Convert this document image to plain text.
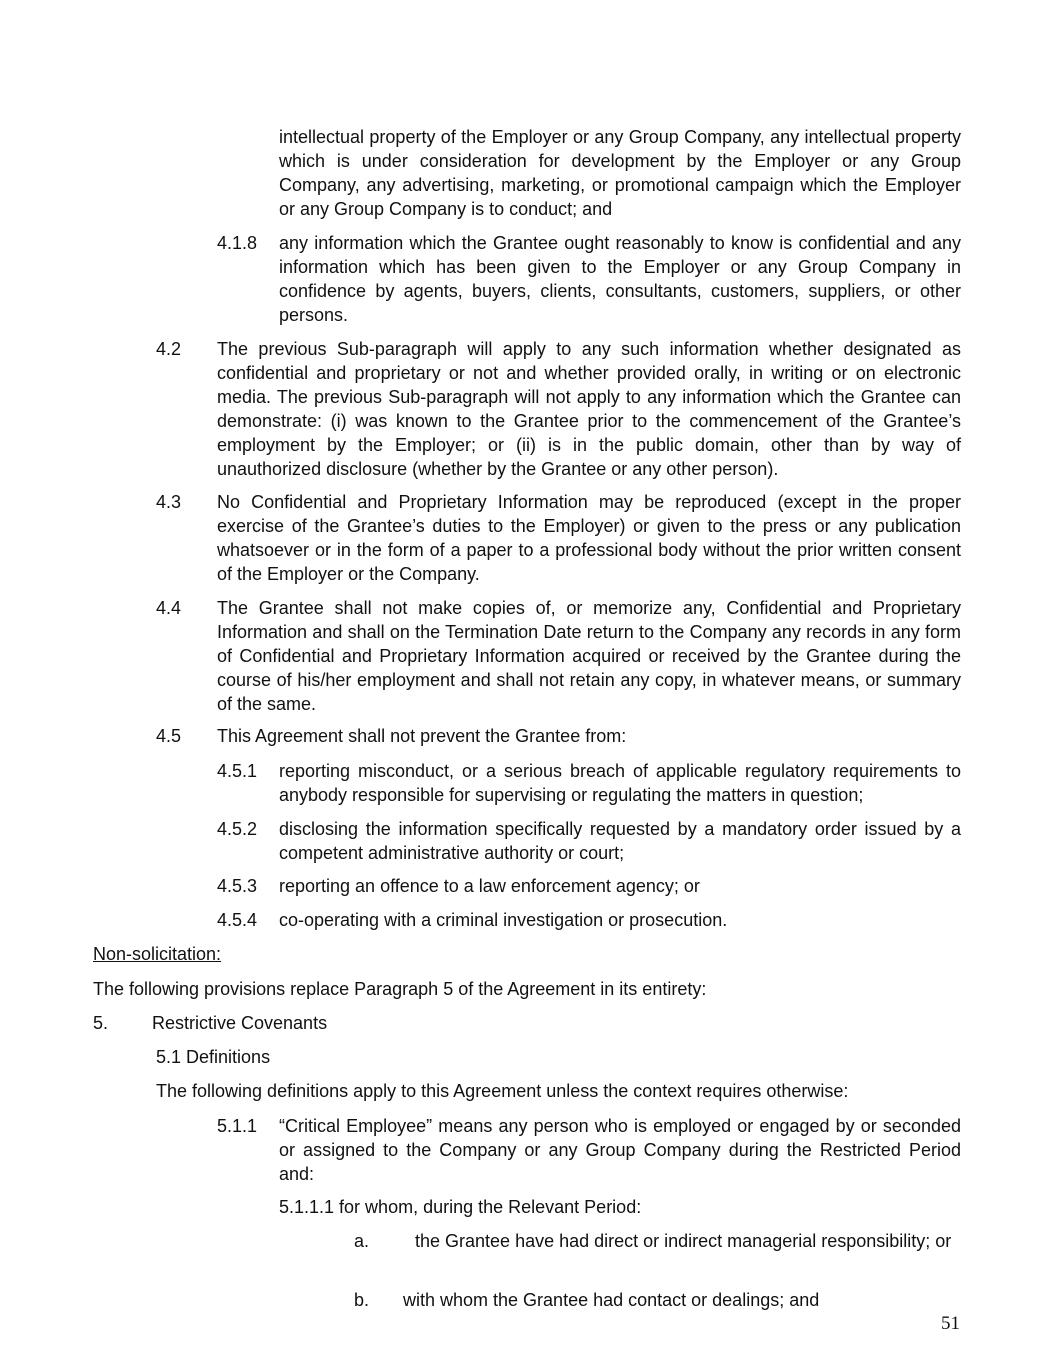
intellectual property of the Employer or any Group Company, any intellectual property which is under consideration for development by the Employer or any Group Company, any advertising, marketing, or promotional campaign which the Employer or any Group Company is to conduct; and
4.1.8 any information which the Grantee ought reasonably to know is confidential and any information which has been given to the Employer or any Group Company in confidence by agents, buyers, clients, consultants, customers, suppliers, or other persons.
4.2 The previous Sub-paragraph will apply to any such information whether designated as confidential and proprietary or not and whether provided orally, in writing or on electronic media. The previous Sub-paragraph will not apply to any information which the Grantee can demonstrate: (i) was known to the Grantee prior to the commencement of the Grantee’s employment by the Employer; or (ii) is in the public domain, other than by way of unauthorized disclosure (whether by the Grantee or any other person).
4.3 No Confidential and Proprietary Information may be reproduced (except in the proper exercise of the Grantee’s duties to the Employer) or given to the press or any publication whatsoever or in the form of a paper to a professional body without the prior written consent of the Employer or the Company.
4.4 The Grantee shall not make copies of, or memorize any, Confidential and Proprietary Information and shall on the Termination Date return to the Company any records in any form of Confidential and Proprietary Information acquired or received by the Grantee during the course of his/her employment and shall not retain any copy, in whatever means, or summary of the same.
4.5 This Agreement shall not prevent the Grantee from:
4.5.1 reporting misconduct, or a serious breach of applicable regulatory requirements to anybody responsible for supervising or regulating the matters in question;
4.5.2 disclosing the information specifically requested by a mandatory order issued by a competent administrative authority or court;
4.5.3 reporting an offence to a law enforcement agency; or
4.5.4 co-operating with a criminal investigation or prosecution.
Non-solicitation:
The following provisions replace Paragraph 5 of the Agreement in its entirety:
5. Restrictive Covenants
5.1 Definitions
The following definitions apply to this Agreement unless the context requires otherwise:
5.1.1 “Critical Employee” means any person who is employed or engaged by or seconded or assigned to the Company or any Group Company during the Restricted Period and:
5.1.1.1 for whom, during the Relevant Period:
a.	the Grantee have had direct or indirect managerial responsibility; or
b. with whom the Grantee had contact or dealings; and
51
